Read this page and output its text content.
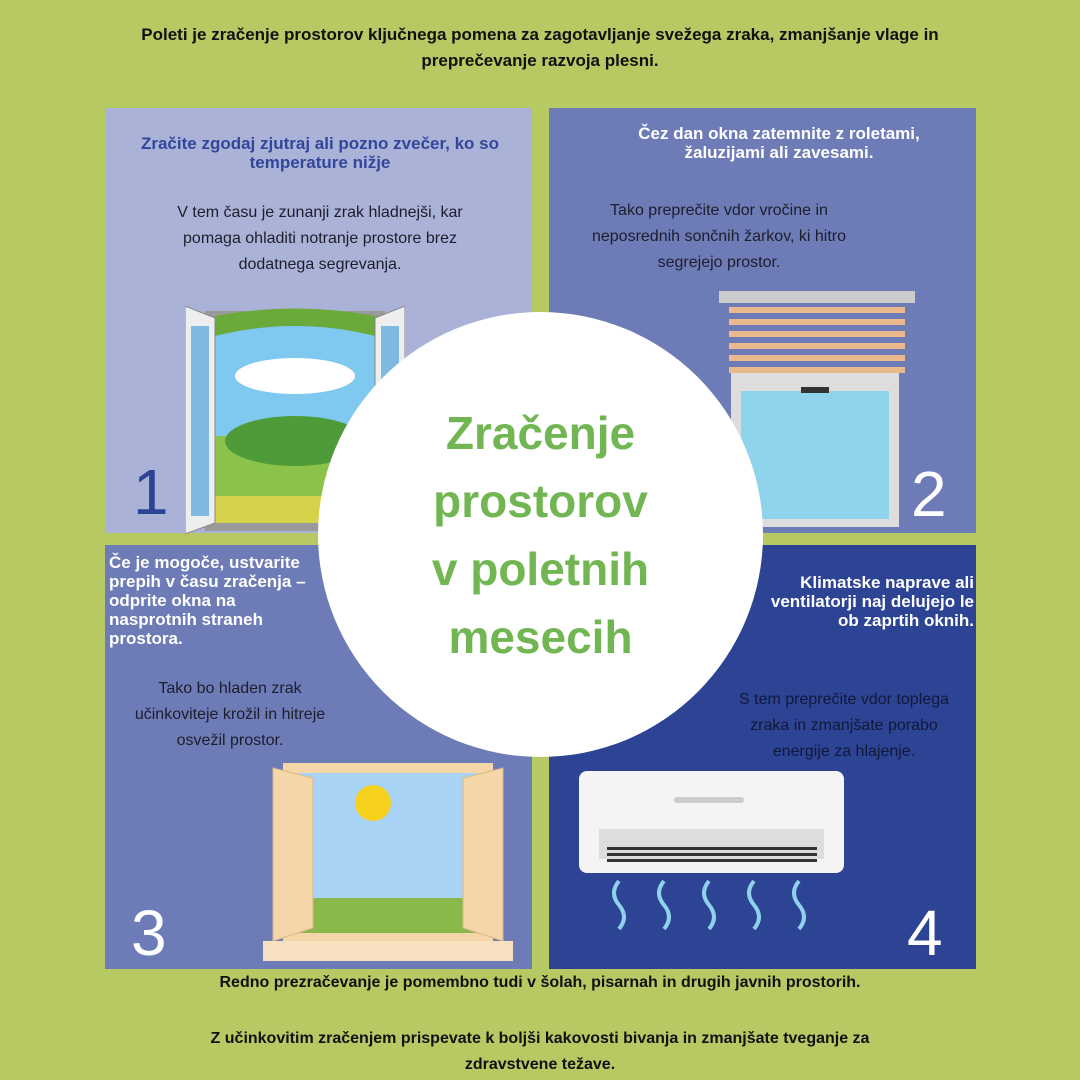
Poleti je zračenje prostorov ključnega pomena za zagotavljanje svežega zraka, zmanjšanje vlage in preprečevanje razvoja plesni.
Zračite zgodaj zjutraj ali pozno zvečer, ko so temperature nižje
V tem času je zunanji zrak hladnejši, kar pomaga ohladiti notranje prostore brez dodatnega segrevanja.
1
Čez dan okna zatemnite z roletami, žaluzijami ali zavesami.
Tako preprečite vdor vročine in neposrednih sončnih žarkov, ki hitro segrejejo prostor.
2
Če je mogoče, ustvarite prepih v času zračenja – odprite okna na nasprotnih straneh prostora.
Tako bo hladen zrak učinkoviteje krožil in hitreje osvežil prostor.
3
Klimatske naprave ali ventilatorji naj delujejo le ob zaprtih oknih.
S tem preprečite vdor toplega zraka in zmanjšate porabo energije za hlajenje.
4
Zračenje
prostorov
v poletnih
mesecih
Redno prezračevanje je pomembno tudi v šolah, pisarnah in drugih javnih prostorih.
Z učinkovitim zračenjem prispevate k boljši kakovosti bivanja in zmanjšate tveganje za zdravstvene težave.
